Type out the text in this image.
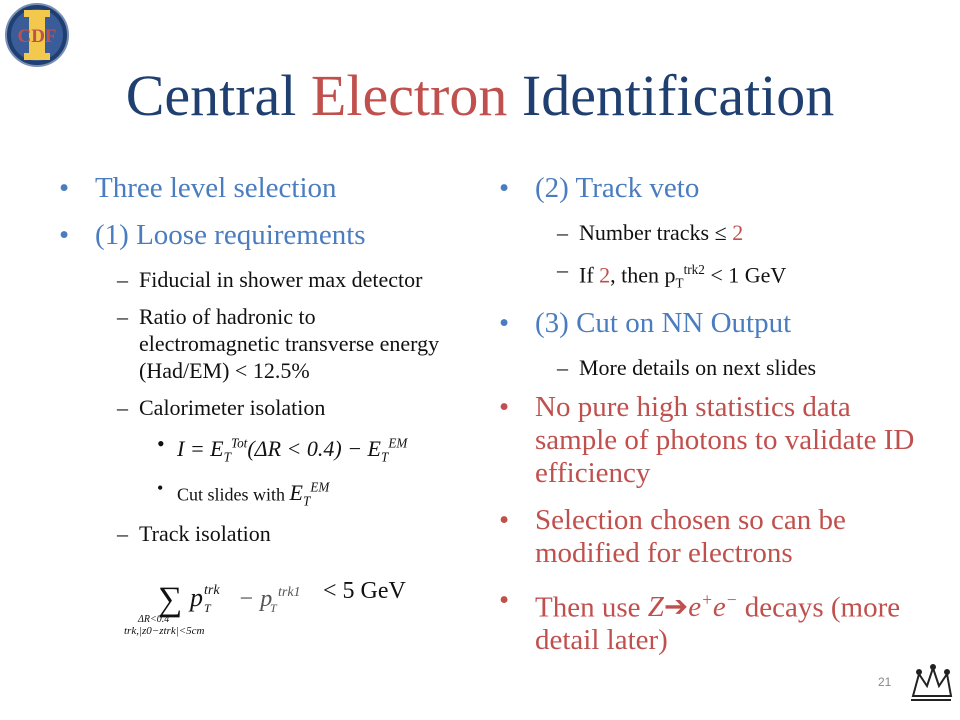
CDF
Central Electron Identification
• Three level selection
• (1) Loose requirements
– Fiducial in shower max detector
– Ratio of hadronic to electromagnetic transverse energy (Had/EM) < 12.5%
– Calorimeter isolation
• $I = E_T^{Tot}(\Delta R < 0.4) - E_T^{EM}$
• Cut slides with $E_T^{EM}$
– Track isolation
∑ p T
trk
trk,|z0−ztrk|<5cm
ΔR<0.4
− p
T
trk1 < 5 GeV
• (2) Track veto
– Number tracks ≤ 2
– If 2, then $p_T^{trk2} < 1$ GeV
• (3) Cut on NN Output
– More details on next slides
• No pure high statistics data sample of photons to validate ID efficiency
• Selection chosen so can be modified for electrons
• Then use Z➔e+e− decays (more detail later)
21
